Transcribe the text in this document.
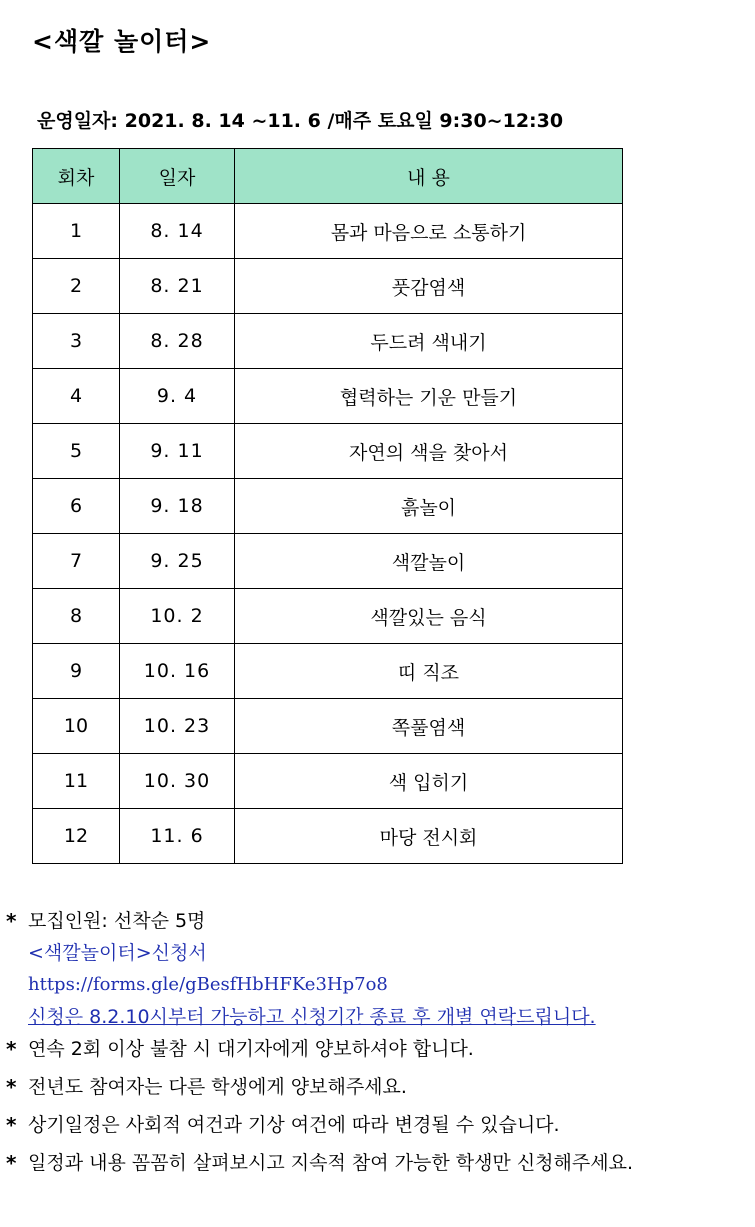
<색깔 놀이터>
운영일자: 2021. 8. 14 ~11. 6 /매주 토요일 9:30~12:30
회차	일자	내 용
1	8. 14	몸과 마음으로 소통하기
2	8. 21	풋감염색
3	8. 28	두드려 색내기
4	9. 4	협력하는 기운 만들기
5	9. 11	자연의 색을 찾아서
6	9. 18	흙놀이
7	9. 25	색깔놀이
8	10. 2	색깔있는 음식
9	10. 16	띠 직조
10	10. 23	쪽풀염색
11	10. 30	색 입히기
12	11. 6	마당 전시회
* 모집인원: 선착순 5명
<색깔놀이터>신청서
https://forms.gle/gBesfHbHFKe3Hp7o8
신청은 8.2.10시부터 가능하고 신청기간 종료 후 개별 연락드립니다.
* 연속 2회 이상 불참 시 대기자에게 양보하셔야 합니다.
* 전년도 참여자는 다른 학생에게 양보해주세요.
* 상기일정은 사회적 여건과 기상 여건에 따라 변경될 수 있습니다.
* 일정과 내용 꼼꼼히 살펴보시고 지속적 참여 가능한 학생만 신청해주세요.
